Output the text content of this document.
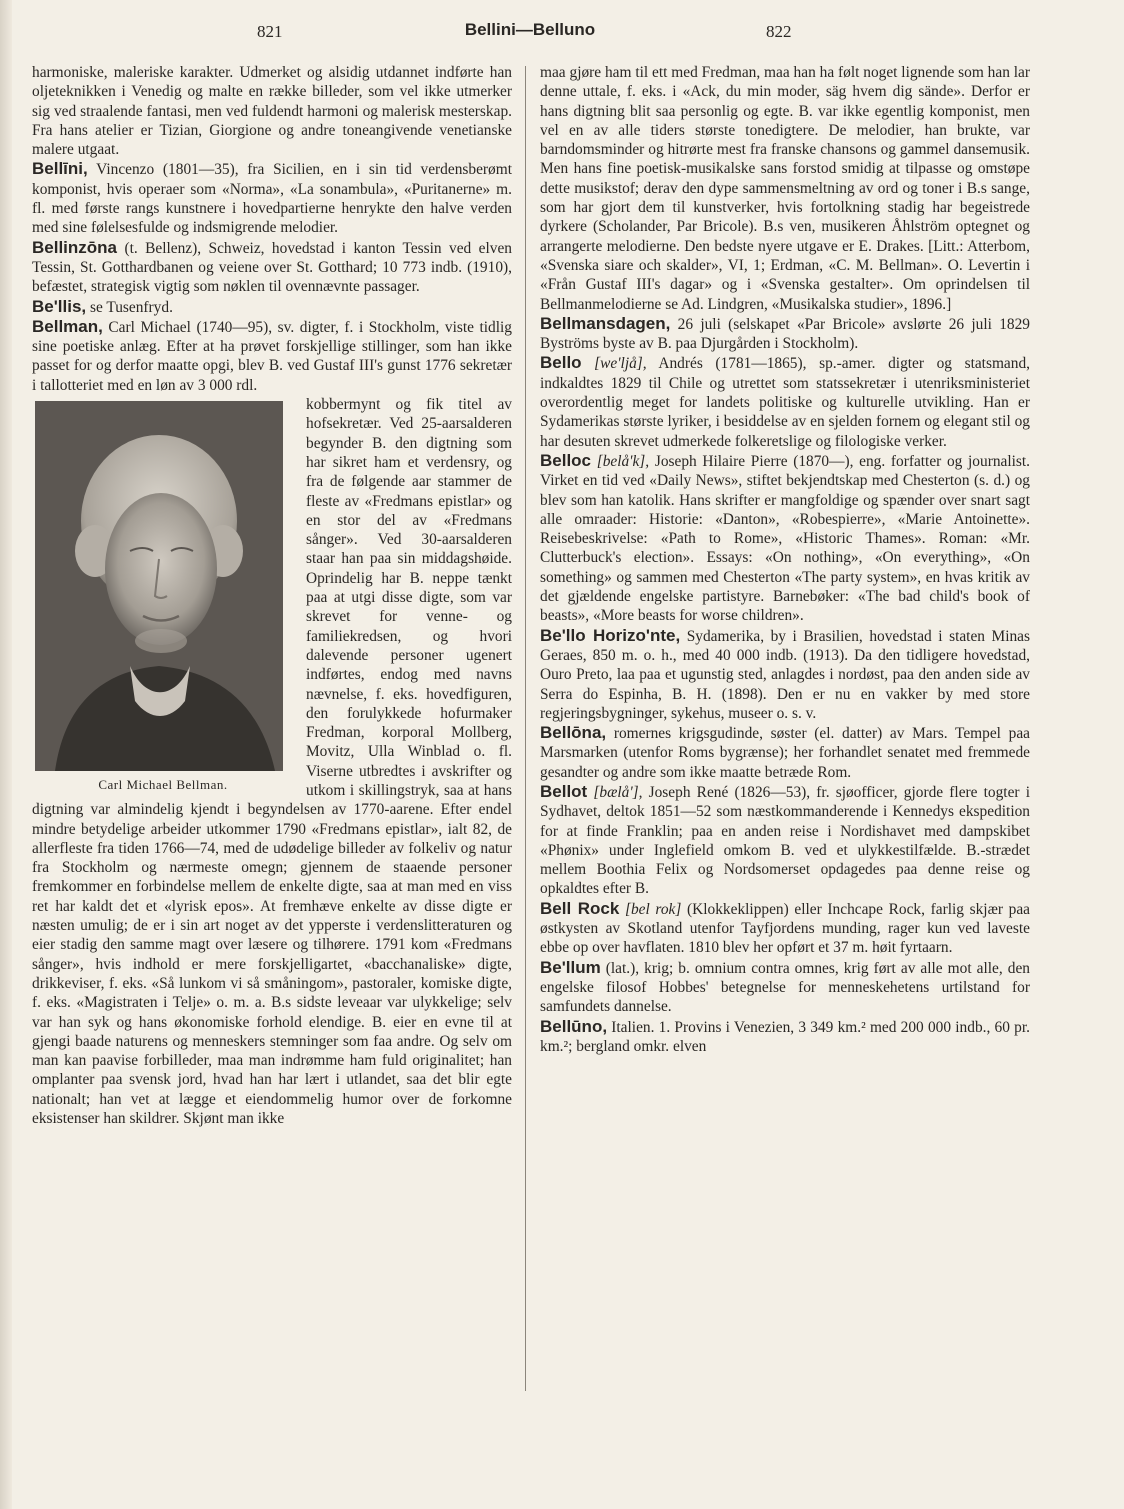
821	Bellini—Belluno	822

harmoniske, maleriske karakter. Udmerket og alsidig utdannet indførte han oljeteknikken i Venedig og malte en række billeder, som vel ikke utmerker sig ved straalende fantasi, men ved fuldendt harmoni og malerisk mesterskap. Fra hans atelier er Tizian, Giorgione og andre toneangivende venetianske malere utgaat.

Bellīni, Vincenzo (1801—35), fra Sicilien, en i sin tid verdensberømt komponist, hvis operaer som «Norma», «La sonambula», «Puritanerne» m. fl. med første rangs kunstnere i hovedpartierne henrykte den halve verden med sine følelsesfulde og indsmigrende melodier.

Bellinzōna (t. Bellenz), Schweiz, hovedstad i kanton Tessin ved elven Tessin, St. Gotthardbanen og veiene over St. Gotthard; 10 773 indb. (1910), befæstet, strategisk vigtig som nøklen til ovennævnte passager.

Be'llis, se Tusenfryd.

Bellman, Carl Michael (1740—95), sv. digter, f. i Stockholm, viste tidlig sine poetiske anlæg. Efter at ha prøvet forskjellige stillinger, som han ikke passet for og derfor maatte opgi, blev B. ved Gustaf III's gunst 1776 sekretær i tallotteriet med en løn av 3 000 rdl.

Carl Michael Bellman.

kobbermynt og fik titel av hofsekretær. Ved 25-aarsalderen begynder B. den digtning som har sikret ham et verdensry, og fra de følgende aar stammer de fleste av «Fredmans epistlar» og en stor del av «Fredmans sånger». Ved 30-aarsalderen staar han paa sin middagshøide. Oprindelig har B. neppe tænkt paa at utgi disse digte, som var skrevet for venne- og familiekredsen, og hvori dalevende personer ugenert indførtes, endog med navns nævnelse, f. eks. hovedfiguren, den forulykkede hofurmaker Fredman, korporal Mollberg, Movitz, Ulla Winblad o. fl. Viserne utbredtes i avskrifter og utkom i skillingstryk, saa at hans digtning var almindelig kjendt i begyndelsen av 1770-aarene. Efter endel mindre betydelige arbeider utkommer 1790 «Fredmans epistlar», ialt 82, de allerfleste fra tiden 1766—74, med de udødelige billeder av folkeliv og natur fra Stockholm og nærmeste omegn; gjennem de staaende personer fremkommer en forbindelse mellem de enkelte digte, saa at man med en viss ret har kaldt det et «lyrisk epos». At fremhæve enkelte av disse digte er næsten umulig; de er i sin art noget av det ypperste i verdenslitteraturen og eier stadig den samme magt over læsere og tilhørere. 1791 kom «Fredmans sånger», hvis indhold er mere forskjelligartet, «bacchanaliske» digte, drikkeviser, f. eks. «Så lunkom vi så småningom», pastoraler, komiske digte, f. eks. «Magistraten i Telje» o. m. a. B.s sidste leveaar var ulykkelige; selv var han syk og hans økonomiske forhold elendige. B. eier en evne til at gjengi baade naturens og menneskers stemninger som faa andre. Og selv om man kan paavise forbilleder, maa man indrømme ham fuld originalitet; han omplanter paa svensk jord, hvad han har lært i utlandet, saa det blir egte nationalt; han vet at lægge et eiendommelig humor over de forkomne eksistenser han skildrer. Skjønt man ikke

maa gjøre ham til ett med Fredman, maa han ha følt noget lignende som han lar denne uttale, f. eks. i «Ack, du min moder, säg hvem dig sände». Derfor er hans digtning blit saa personlig og egte. B. var ikke egentlig komponist, men vel en av alle tiders største tonedigtere. De melodier, han brukte, var barndomsminder og hitrørte mest fra franske chansons og gammel dansemusik. Men hans fine poetisk-musikalske sans forstod smidig at tilpasse og omstøpe dette musikstof; derav den dype sammensmeltning av ord og toner i B.s sange, som har gjort dem til kunstverker, hvis fortolkning stadig har begeistrede dyrkere (Scholander, Par Bricole). B.s ven, musikeren Åhlström optegnet og arrangerte melodierne. Den bedste nyere utgave er E. Drakes. [Litt.: Atterbom, «Svenska siare och skalder», VI, 1; Erdman, «C. M. Bellman». O. Levertin i «Från Gustaf III's dagar» og i «Svenska gestalter». Om oprindelsen til Bellmanmelodierne se Ad. Lindgren, «Musikalska studier», 1896.]

Bellmansdagen, 26 juli (selskapet «Par Bricole» avslørte 26 juli 1829 Byströms byste av B. paa Djurgården i Stockholm).

Bello [we'ljå], Andrés (1781—1865), sp.-amer. digter og statsmand, indkaldtes 1829 til Chile og utrettet som statssekretær i utenriksministeriet overordentlig meget for landets politiske og kulturelle utvikling. Han er Sydamerikas største lyriker, i besiddelse av en sjelden fornem og elegant stil og har desuten skrevet udmerkede folkeretslige og filologiske verker.

Belloc [belå'k], Joseph Hilaire Pierre (1870—), eng. forfatter og journalist. Virket en tid ved «Daily News», stiftet bekjendtskap med Chesterton (s. d.) og blev som han katolik. Hans skrifter er mangfoldige og spænder over snart sagt alle omraader: Historie: «Danton», «Robespierre», «Marie Antoinette». Reisebeskrivelse: «Path to Rome», «Historic Thames». Roman: «Mr. Clutterbuck's election». Essays: «On nothing», «On everything», «On something» og sammen med Chesterton «The party system», en hvas kritik av det gjældende engelske partistyre. Barnebøker: «The bad child's book of beasts», «More beasts for worse children».

Be'llo Horizo'nte, Sydamerika, by i Brasilien, hovedstad i staten Minas Geraes, 850 m. o. h., med 40 000 indb. (1913). Da den tidligere hovedstad, Ouro Preto, laa paa et ugunstig sted, anlagdes i nordøst, paa den anden side av Serra do Espinha, B. H. (1898). Den er nu en vakker by med store regjeringsbygninger, sykehus, museer o. s. v.

Bellōna, romernes krigsgudinde, søster (el. datter) av Mars. Tempel paa Marsmarken (utenfor Roms bygrænse); her forhandlet senatet med fremmede gesandter og andre som ikke maatte betræde Rom.

Bellot [bælå'], Joseph René (1826—53), fr. sjøofficer, gjorde flere togter i Sydhavet, deltok 1851—52 som næstkommanderende i Kennedys ekspedition for at finde Franklin; paa en anden reise i Nordishavet med dampskibet «Phønix» under Inglefield omkom B. ved et ulykkestilfælde. B.-strædet mellem Boothia Felix og Nordsomerset opdagedes paa denne reise og opkaldtes efter B.

Bell Rock [bel rok] (Klokkeklippen) eller Inchcape Rock, farlig skjær paa østkysten av Skotland utenfor Tayfjordens munding, rager kun ved laveste ebbe op over havflaten. 1810 blev her opført et 37 m. høit fyrtaarn.

Be'llum (lat.), krig; b. omnium contra omnes, krig ført av alle mot alle, den engelske filosof Hobbes' betegnelse for menneskehetens urtilstand for samfundets dannelse.

Bellūno, Italien. 1. Provins i Venezien, 3 349 km.² med 200 000 indb., 60 pr. km.²; bergland omkr. elven
